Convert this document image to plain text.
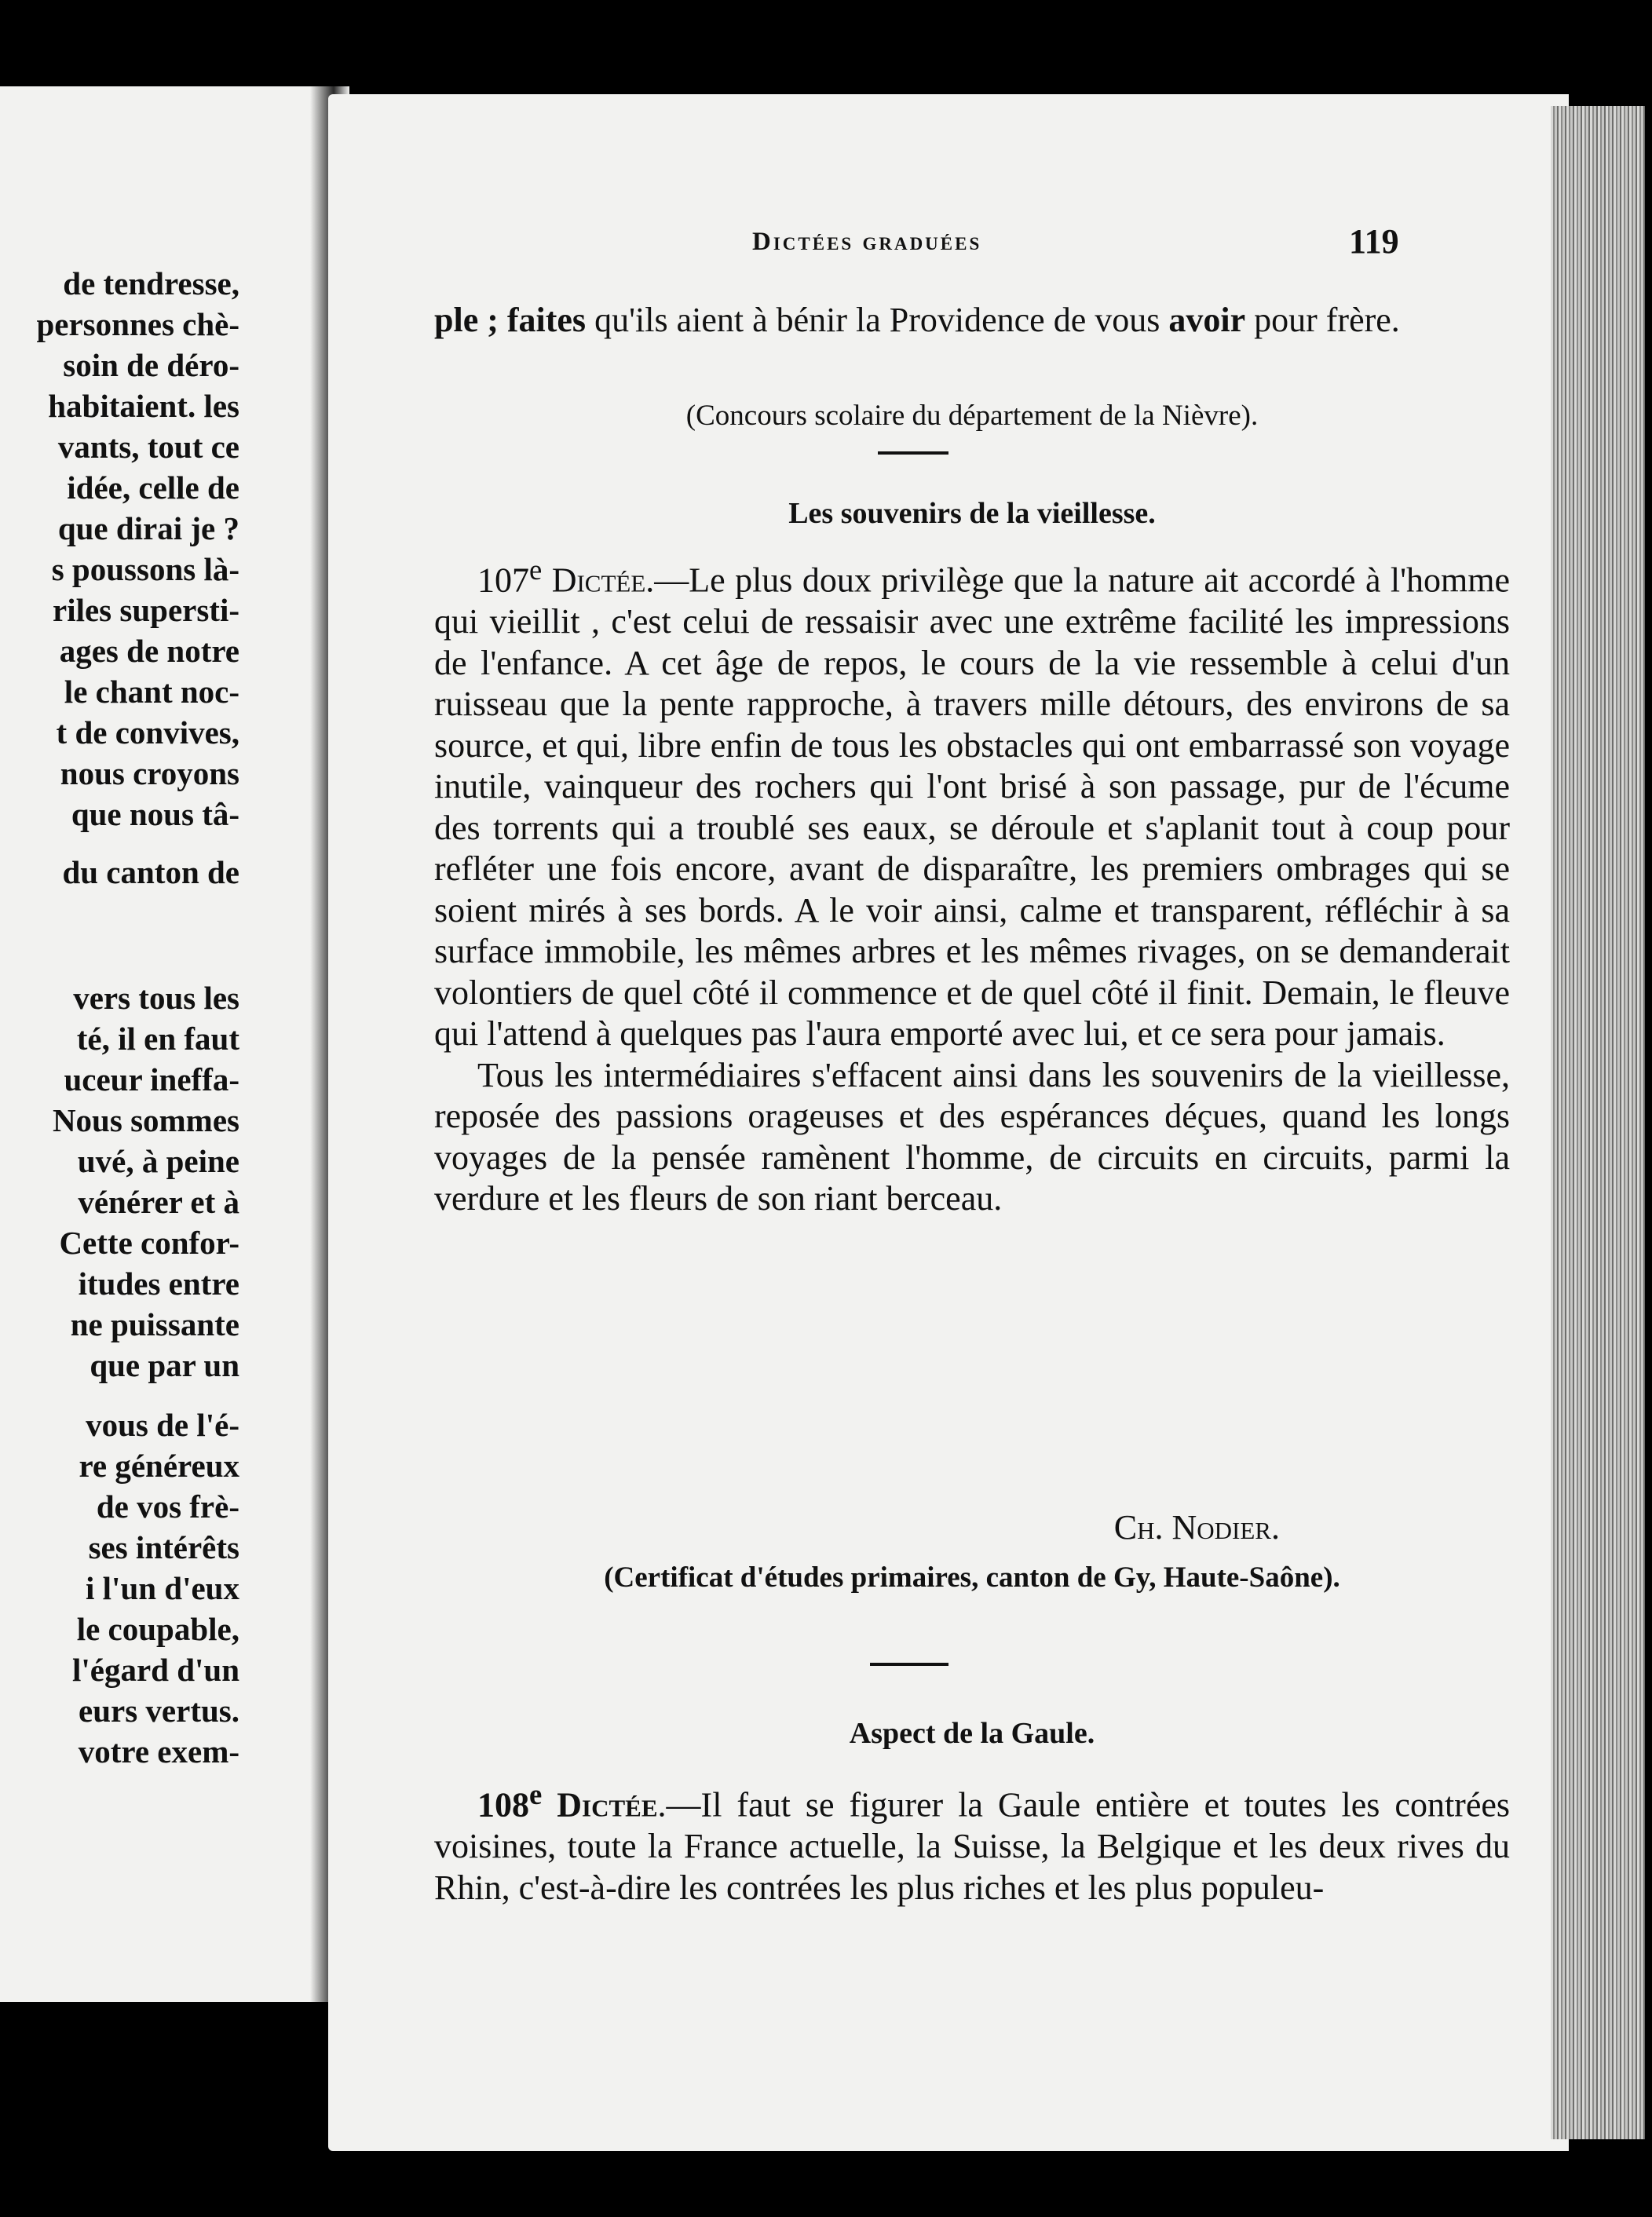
Dictées graduées	119

ple ; faites qu'ils aient à bénir la Providence de vous avoir pour frère.

(Concours scolaire du département de la Nièvre).

Les souvenirs de la vieillesse.

107e Dictée.—Le plus doux privilège que la nature ait accordé à l'homme qui vieillit , c'est celui de ressaisir avec une extrême facilité les impressions de l'enfance. A cet âge de repos, le cours de la vie ressemble à celui d'un ruisseau que la pente rapproche, à travers mille détours, des environs de sa source, et qui, libre enfin de tous les obstacles qui ont embarrassé son voyage inutile, vainqueur des rochers qui l'ont brisé à son passage, pur de l'écume des torrents qui a troublé ses eaux, se déroule et s'aplanit tout à coup pour refléter une fois encore, avant de disparaître, les premiers ombrages qui se soient mirés à ses bords. A le voir ainsi, calme et transparent, réfléchir à sa surface immobile, les mêmes arbres et les mêmes rivages, on se demanderait volontiers de quel côté il commence et de quel côté il finit. Demain, le fleuve qui l'attend à quelques pas l'aura emporté avec lui, et ce sera pour jamais.

Tous les intermédiaires s'effacent ainsi dans les souvenirs de la vieillesse, reposée des passions orageuses et des espérances déçues, quand les longs voyages de la pensée ramènent l'homme, de circuits en circuits, parmi la verdure et les fleurs de son riant berceau.

Ch. Nodier.

(Certificat d'études primaires, canton de Gy, Haute-Saône).

Aspect de la Gaule.

108e Dictée.—Il faut se figurer la Gaule entière et toutes les contrées voisines, toute la France actuelle, la Suisse, la Belgique et les deux rives du Rhin, c'est-à-dire les contrées les plus riches et les plus populeu-

de tendresse,

personnes chè-

soin de déro-

habitaient. les

vants, tout ce

idée, celle de

que dirai je ?

s poussons là-

riles supersti-

ages de notre

le chant noc-

t de convives,

nous croyons

que nous tâ-

du canton de

vers tous les

té, il en faut

uceur ineffa-

Nous sommes

uvé, à peine

vénérer et à

Cette confor-

itudes entre

ne puissante

que par un

vous de l'é-

re généreux

de vos frè-

ses intérêts

i l'un d'eux

le coupable,

l'égard d'un

eurs vertus.

votre exem-
